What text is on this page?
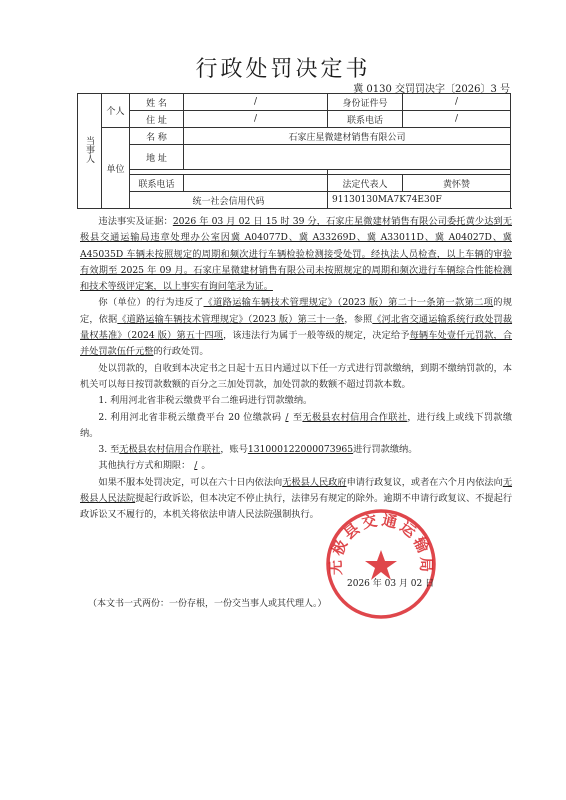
行政处罚决定书
冀 0130 交罚罚决字〔2026〕3 号
当事人	个人	姓 名	/	身份证件号	/
		住 址	/	联系电话	/
	单位	名 称	石家庄星微建材销售有限公司		
		地 址			

		联系电话		法定代表人	黄怀赞
		统一社会信用代码		91130130MA7K74E30F	

违法事实及证据：2026 年 03 月 02 日 15 时 39 分，石家庄星微建材销售有限公司委托黄少达到无极县交通运输局违章处理办公室因冀 A04077D、冀 A33269D、冀 A33011D、冀 A04027D、冀 A45035D 车辆未按照规定的周期和频次进行车辆检验检测接受处罚。经执法人员检查，以上车辆的审验有效期至 2025 年 09 月。石家庄星微建材销售有限公司未按照规定的周期和频次进行车辆综合性能检测和技术等级评定案，以上事实有询问笔录为证。

你（单位）的行为违反了《道路运输车辆技术管理规定》（2023 版）第二十一条第一款第二项的规定，依据《道路运输车辆技术管理规定》（2023 版）第三十一条，参照《河北省交通运输系统行政处罚裁量权基准》（2024 版）第五十四项，该违法行为属于一般等级的规定，决定给予每辆车处壹仟元罚款，合并处罚款伍仟元整的行政处罚。

处以罚款的，自收到本决定书之日起十五日内通过以下任一方式进行罚款缴纳，到期不缴纳罚款的，本机关可以每日按罚款数额的百分之三加处罚款，加处罚款的数额不超过罚款本数。

1. 利用河北省非税云缴费平台二维码进行罚款缴纳。

2. 利用河北省非税云缴费平台 20 位缴款码 / 至无极县农村信用合作联社，进行线上或线下罚款缴纳。

3. 至无极县农村信用合作联社，账号131000122000073965进行罚款缴纳。

其他执行方式和期限： / 。

如果不服本处罚决定，可以在六十日内依法向无极县人民政府申请行政复议，或者在六个月内依法向无极县人民法院提起行政诉讼，但本决定不停止执行，法律另有规定的除外。逾期不申请行政复议、不提起行政诉讼又不履行的，本机关将依法申请人民法院强制执行。

无极县交通运输局
2026 年 03 月 02 日
（本文书一式两份：一份存根，一份交当事人或其代理人。）
